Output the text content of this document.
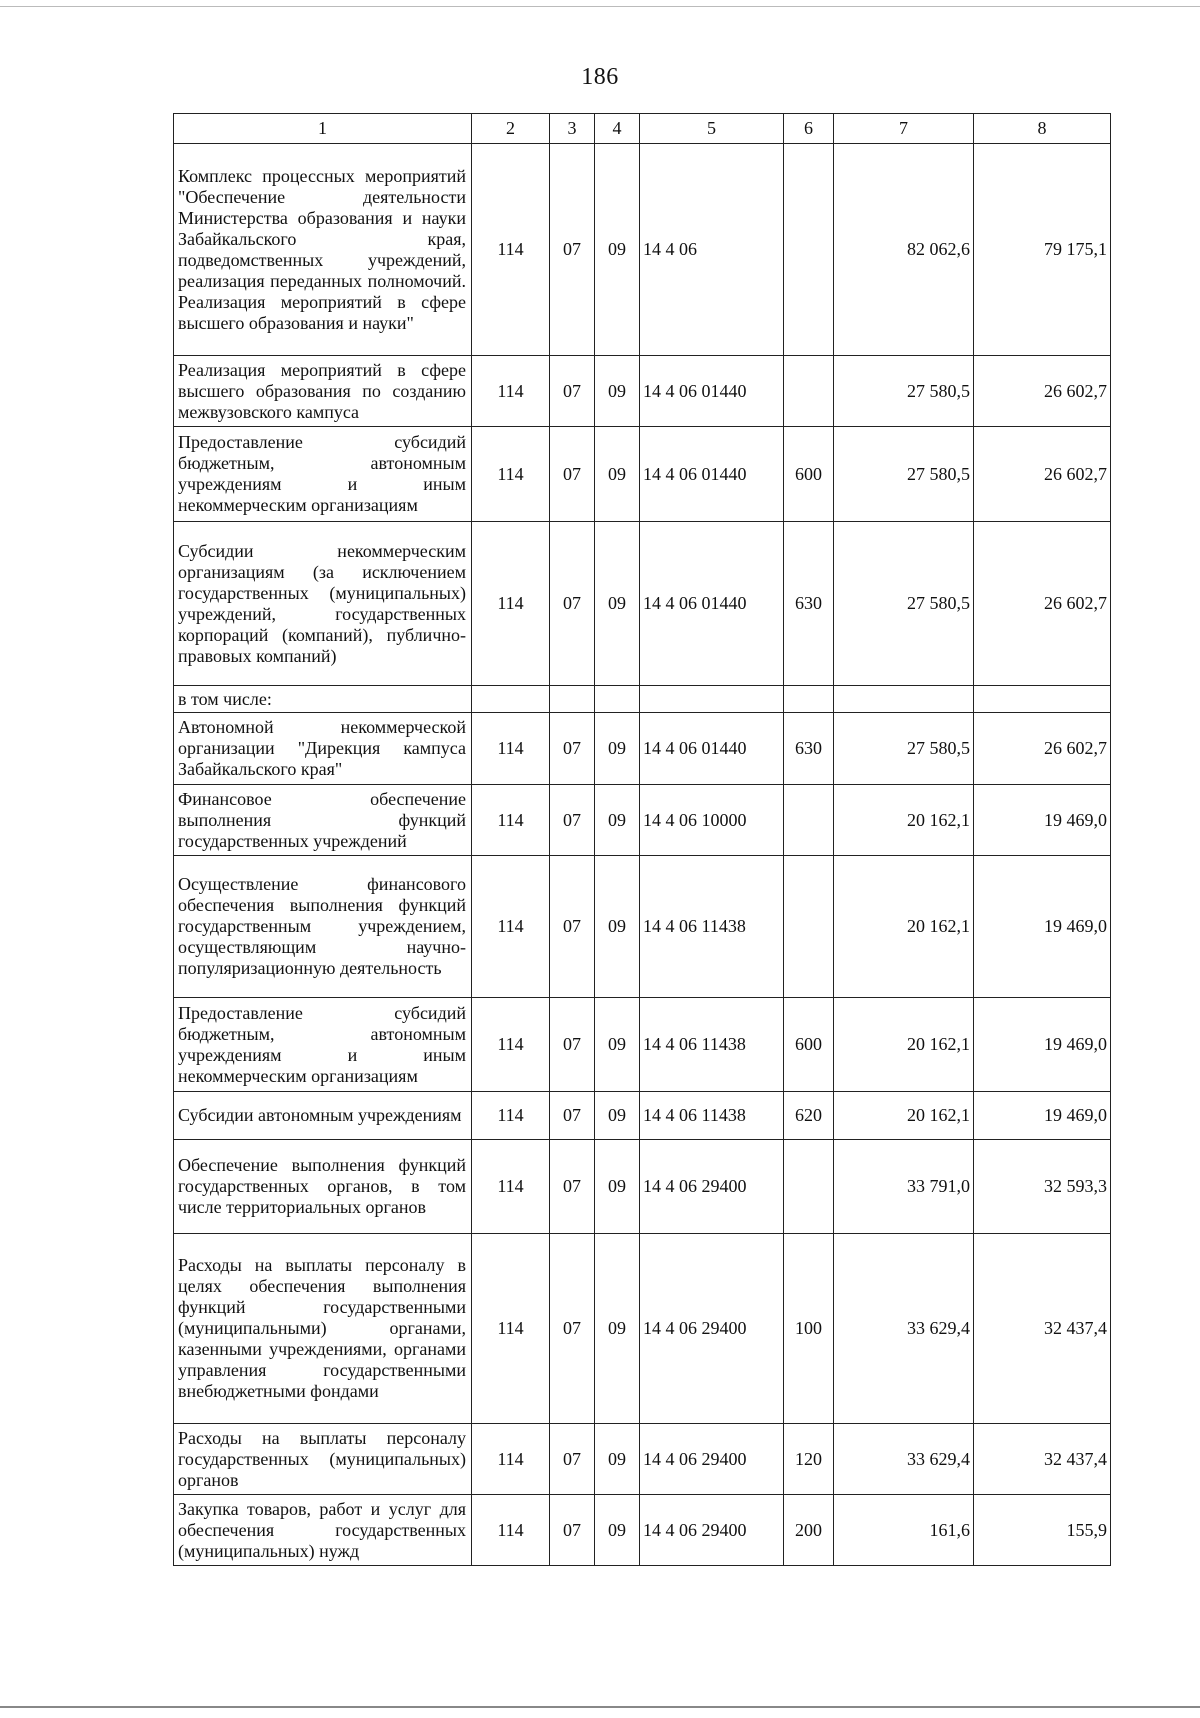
186
1	2	3	4	5	6	7	8
Комплекс процессных мероприятий "Обеспечение деятельности Министерства образования и науки Забайкальского края, подведомственных учреждений, реализация переданных полномочий. Реализация мероприятий в сфере высшего образования и науки"	114	07	09	14 4 06		82 062,6	79 175,1
Реализация мероприятий в сфере высшего образования по созданию межвузовского кампуса	114	07	09	14 4 06 01440		27 580,5	26 602,7
Предоставление субсидий бюджетным, автономным учреждениям и иным некоммерческим организациям	114	07	09	14 4 06 01440	600	27 580,5	26 602,7
Субсидии некоммерческим организациям (за исключением государственных (муниципальных) учреждений, государственных корпораций (компаний), публично-правовых компаний)	114	07	09	14 4 06 01440	630	27 580,5	26 602,7
в том числе:							
Автономной некоммерческой организации "Дирекция кампуса Забайкальского края"	114	07	09	14 4 06 01440	630	27 580,5	26 602,7
Финансовое обеспечение выполнения функций государственных учреждений	114	07	09	14 4 06 10000		20 162,1	19 469,0
Осуществление финансового обеспечения выполнения функций государственным учреждением, осуществляющим научно-популяризационную деятельность	114	07	09	14 4 06 11438		20 162,1	19 469,0
Предоставление субсидий бюджетным, автономным учреждениям и иным некоммерческим организациям	114	07	09	14 4 06 11438	600	20 162,1	19 469,0
Субсидии автономным учреждениям	114	07	09	14 4 06 11438	620	20 162,1	19 469,0
Обеспечение выполнения функций государственных органов, в том числе территориальных органов	114	07	09	14 4 06 29400		33 791,0	32 593,3
Расходы на выплаты персоналу в целях обеспечения выполнения функций государственными (муниципальными) органами, казенными учреждениями, органами управления государственными внебюджетными фондами	114	07	09	14 4 06 29400	100	33 629,4	32 437,4
Расходы на выплаты персоналу государственных (муниципальных) органов	114	07	09	14 4 06 29400	120	33 629,4	32 437,4
Закупка товаров, работ и услуг для обеспечения государственных (муниципальных) нужд	114	07	09	14 4 06 29400	200	161,6	155,9
